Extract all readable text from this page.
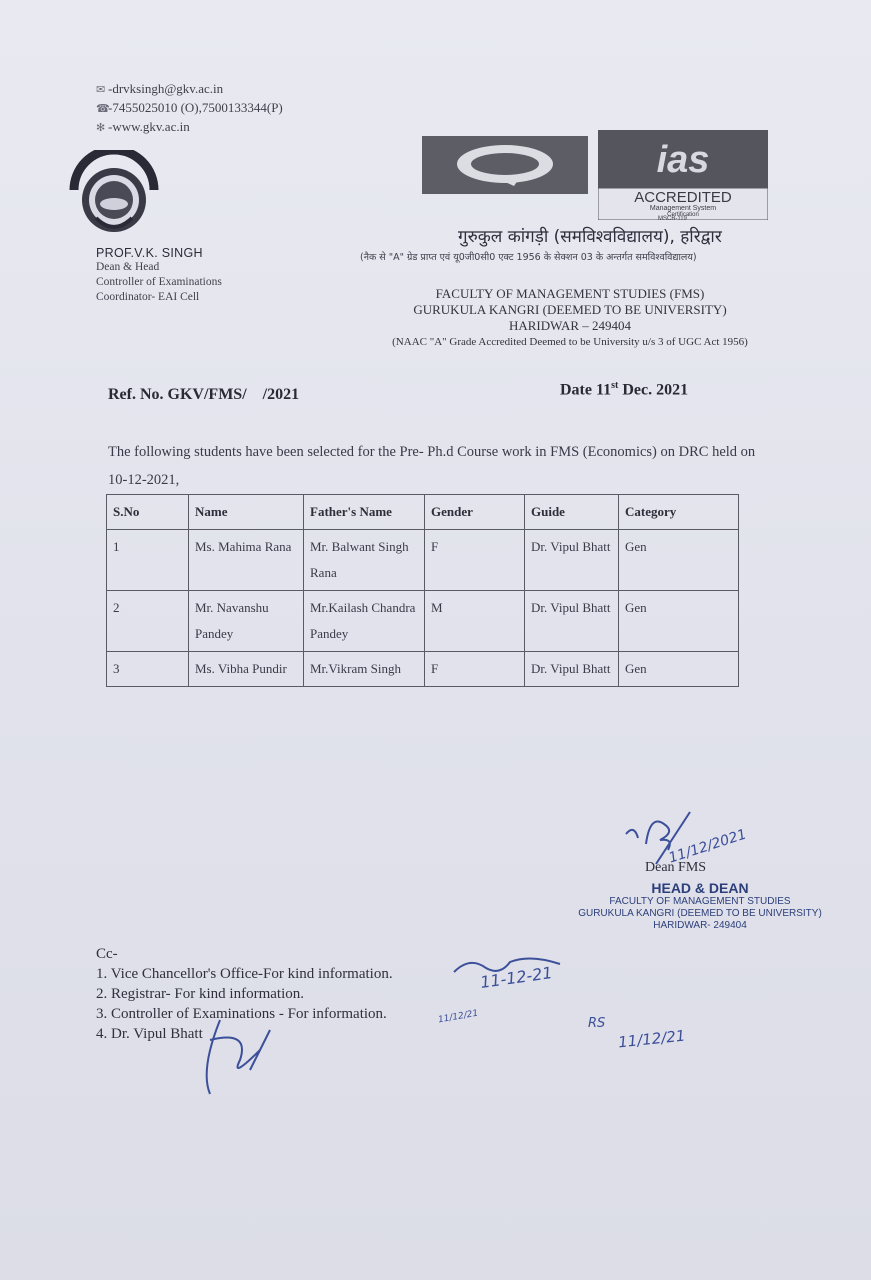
✉ -drvksingh@gkv.ac.in
☎-7455025010 (O),7500133344(P)
✻ -www.gkv.ac.in
ias
ACCREDITED
Management System
Certification
MSCB-119
गुरुकुल कांगड़ी (समविश्वविद्यालय), हरिद्वार
(नैक से "A" ग्रेड प्राप्त एवं यू0जी0सी0 एक्ट 1956 के सेक्शन 03 के अन्तर्गत समविश्वविद्यालय)
PROF.V.K. SINGH
Dean & Head
Controller of Examinations
Coordinator- EAI Cell	FACULTY OF MANAGEMENT STUDIES (FMS)
GURUKULA KANGRI (DEEMED TO BE UNIVERSITY)
HARIDWAR – 249404
(NAAC "A" Grade Accredited Deemed to be University u/s 3 of UGC Act 1956)
Ref. No. GKV/FMS/    /2021	Date 11st Dec. 2021
The following students have been selected for the Pre- Ph.d Course work in FMS (Economics) on DRC held on 10-12-2021,
S.No	Name	Father's Name	Gender	Guide	Category
1	Ms. Mahima Rana	Mr. Balwant Singh Rana	F	Dr. Vipul Bhatt	Gen
2	Mr. Navanshu Pandey	Mr.Kailash Chandra Pandey	M	Dr. Vipul Bhatt	Gen
3	Ms. Vibha Pundir	Mr.Vikram Singh	F	Dr. Vipul Bhatt	Gen
11/12/2021
Dean FMS
HEAD & DEAN
FACULTY OF MANAGEMENT STUDIES
GURUKULA KANGRI (DEEMED TO BE UNIVERSITY)
HARIDWAR- 249404
Cc-
1. Vice Chancellor's Office-For kind information.
2. Registrar- For kind information.
3. Controller of Examinations - For information.
4. Dr. Vipul Bhatt
11-12-21
11/12/21	RS
11/12/21
